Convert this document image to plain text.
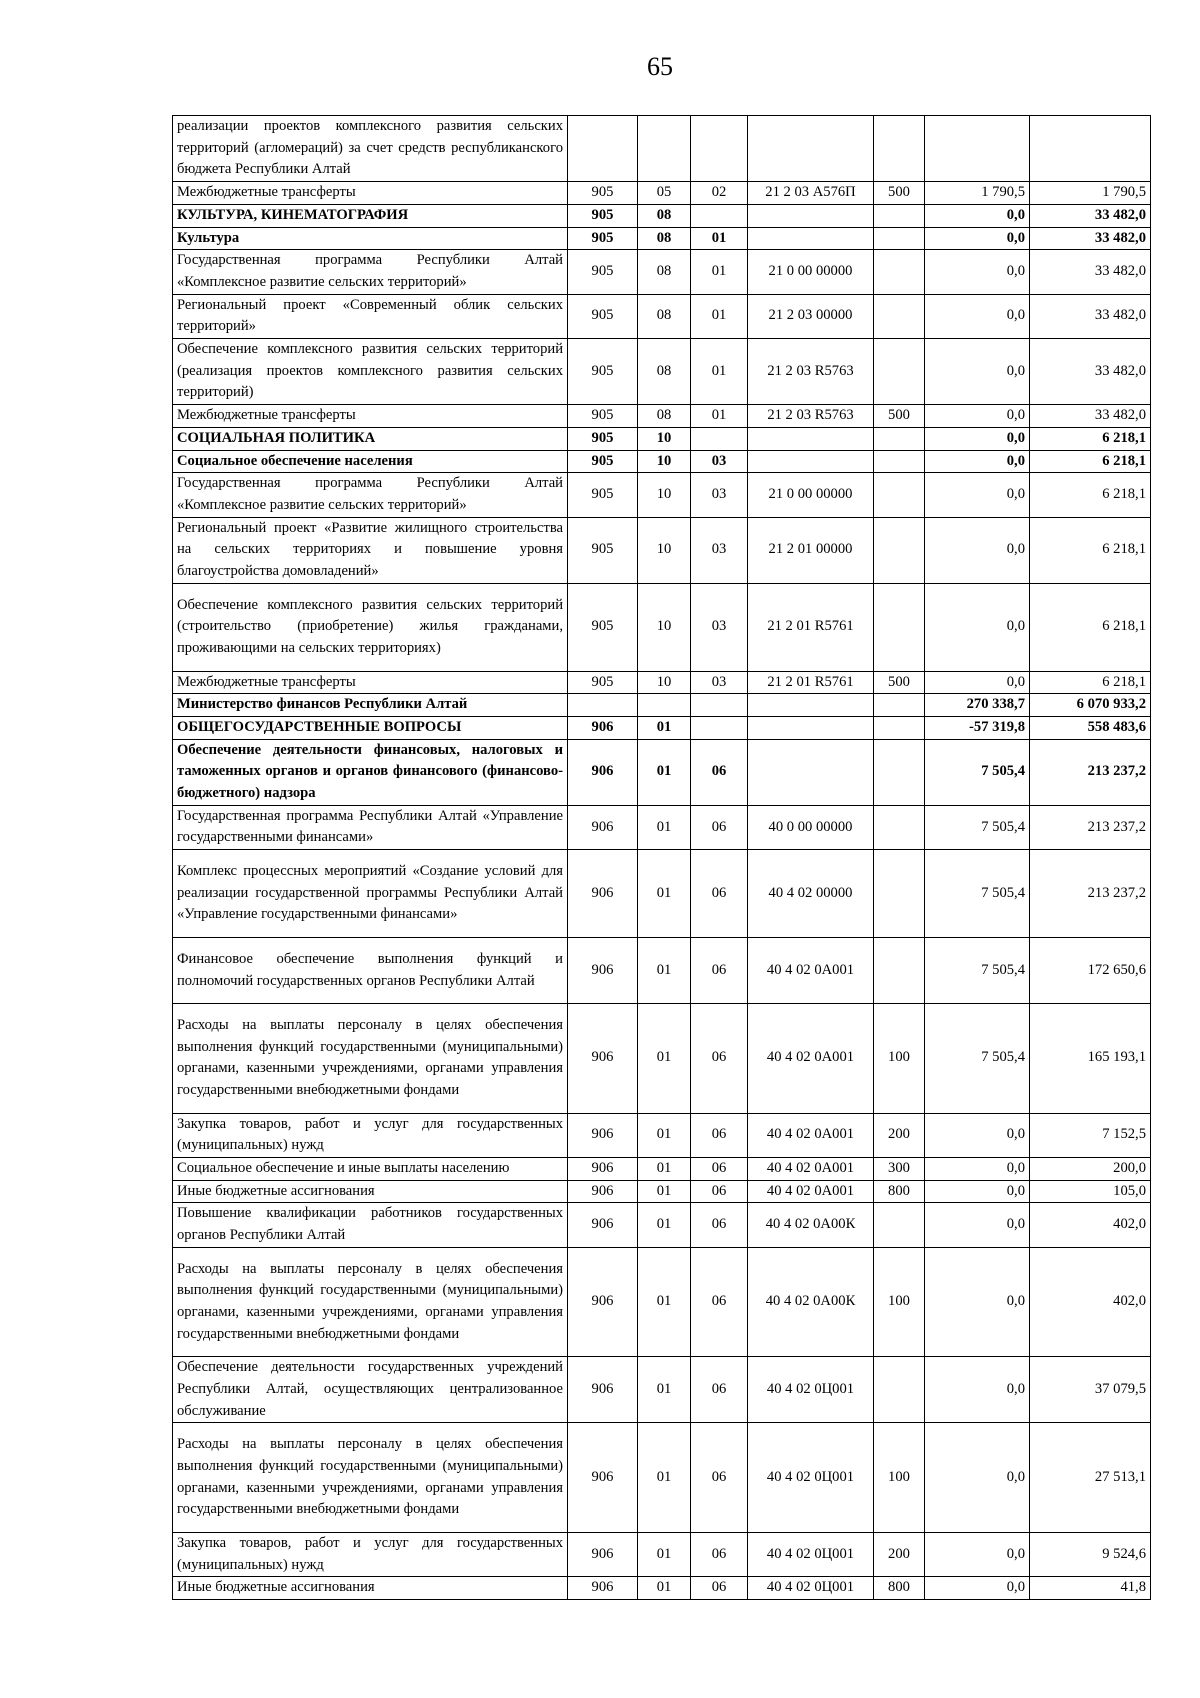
65
реализации проектов комплексного развития сельских территорий (агломераций) за счет средств республиканского бюджета Республики Алтай							
Межбюджетные трансферты	905	05	02	21 2 03 А576П	500	1 790,5	1 790,5
КУЛЬТУРА, КИНЕМАТОГРАФИЯ	905	08				0,0	33 482,0
Культура	905	08	01			0,0	33 482,0
Государственная программа Республики Алтай «Комплексное развитие сельских территорий»	905	08	01	21 0 00 00000		0,0	33 482,0
Региональный проект «Современный облик сельских территорий»	905	08	01	21 2 03 00000		0,0	33 482,0
Обеспечение комплексного развития сельских территорий (реализация проектов комплексного развития сельских территорий)	905	08	01	21 2 03 R5763		0,0	33 482,0
Межбюджетные трансферты	905	08	01	21 2 03 R5763	500	0,0	33 482,0
СОЦИАЛЬНАЯ ПОЛИТИКА	905	10				0,0	6 218,1
Социальное обеспечение населения	905	10	03			0,0	6 218,1
Государственная программа Республики Алтай «Комплексное развитие сельских территорий»	905	10	03	21 0 00 00000		0,0	6 218,1
Региональный проект «Развитие жилищного строительства на сельских территориях и повышение уровня благоустройства домовладений»	905	10	03	21 2 01 00000		0,0	6 218,1
Обеспечение комплексного развития сельских территорий (строительство (приобретение) жилья гражданами, проживающими на сельских территориях)	905	10	03	21 2 01 R5761		0,0	6 218,1
Межбюджетные трансферты	905	10	03	21 2 01 R5761	500	0,0	6 218,1
Министерство финансов Республики Алтай						270 338,7	6 070 933,2
ОБЩЕГОСУДАРСТВЕННЫЕ ВОПРОСЫ	906	01				-57 319,8	558 483,6
Обеспечение деятельности финансовых, налоговых и таможенных органов и органов финансового (финансово-бюджетного) надзора	906	01	06			7 505,4	213 237,2
Государственная программа Республики Алтай «Управление государственными финансами»	906	01	06	40 0 00 00000		7 505,4	213 237,2
Комплекс процессных мероприятий «Создание условий для реализации государственной программы Республики Алтай «Управление государственными финансами»	906	01	06	40 4 02 00000		7 505,4	213 237,2
Финансовое обеспечение выполнения функций и полномочий государственных органов Республики Алтай	906	01	06	40 4 02 0А001		7 505,4	172 650,6
Расходы на выплаты персоналу в целях обеспечения выполнения функций государственными (муниципальными) органами, казенными учреждениями, органами управления государственными внебюджетными фондами	906	01	06	40 4 02 0А001	100	7 505,4	165 193,1
Закупка товаров, работ и услуг для государственных (муниципальных) нужд	906	01	06	40 4 02 0А001	200	0,0	7 152,5
Социальное обеспечение и иные выплаты населению	906	01	06	40 4 02 0А001	300	0,0	200,0
Иные бюджетные ассигнования	906	01	06	40 4 02 0А001	800	0,0	105,0
Повышение квалификации работников государственных органов Республики Алтай	906	01	06	40 4 02 0А00К		0,0	402,0
Расходы на выплаты персоналу в целях обеспечения выполнения функций государственными (муниципальными) органами, казенными учреждениями, органами управления государственными внебюджетными фондами	906	01	06	40 4 02 0А00К	100	0,0	402,0
Обеспечение деятельности государственных учреждений Республики Алтай, осуществляющих централизованное обслуживание	906	01	06	40 4 02 0Ц001		0,0	37 079,5
Расходы на выплаты персоналу в целях обеспечения выполнения функций государственными (муниципальными) органами, казенными учреждениями, органами управления государственными внебюджетными фондами	906	01	06	40 4 02 0Ц001	100	0,0	27 513,1
Закупка товаров, работ и услуг для государственных (муниципальных) нужд	906	01	06	40 4 02 0Ц001	200	0,0	9 524,6
Иные бюджетные ассигнования	906	01	06	40 4 02 0Ц001	800	0,0	41,8
